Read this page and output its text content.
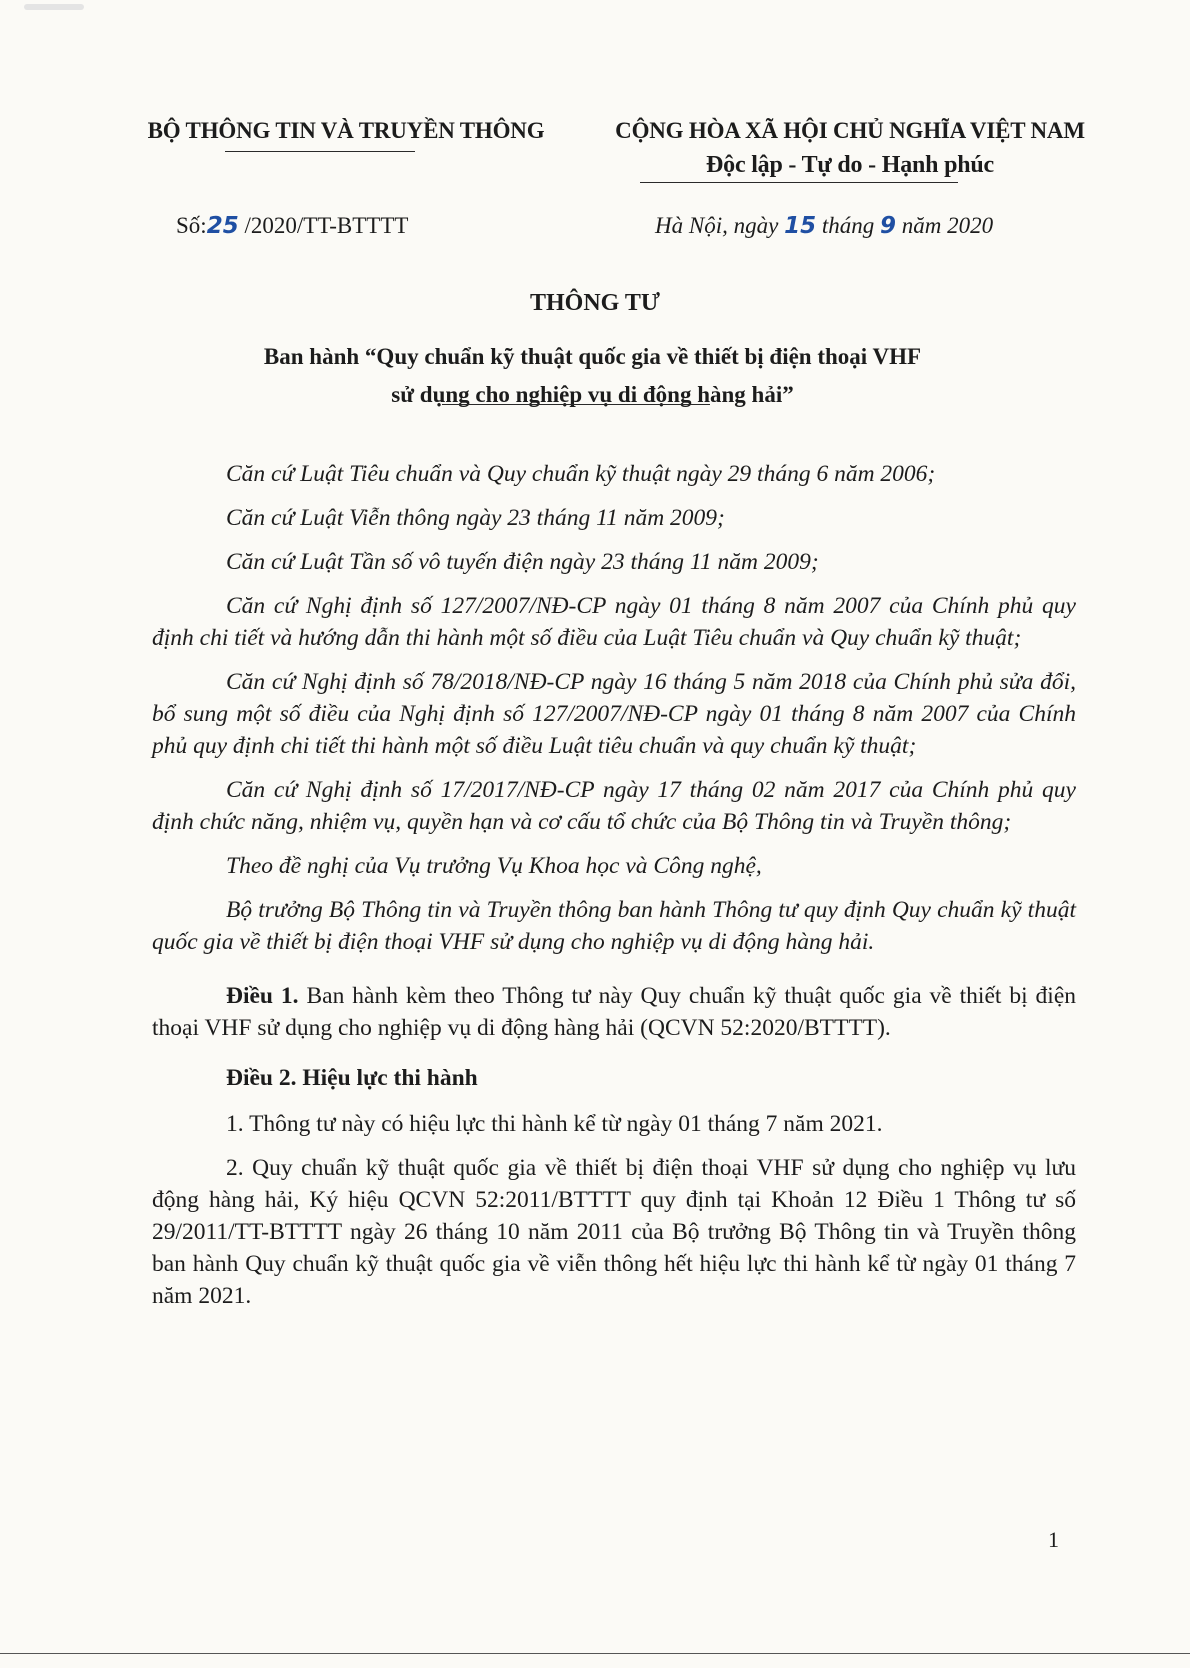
BỘ THÔNG TIN VÀ TRUYỀN THÔNG	CỘNG HÒA XÃ HỘI CHỦ NGHĨA VIỆT NAM
Độc lập - Tự do - Hạnh phúc
Số:25 /2020/TT-BTTTT	Hà Nội, ngày 15 tháng 9 năm 2020
THÔNG TƯ
Ban hành “Quy chuẩn kỹ thuật quốc gia về thiết bị điện thoại VHF
sử dụng cho nghiệp vụ di động hàng hải”

Căn cứ Luật Tiêu chuẩn và Quy chuẩn kỹ thuật ngày 29 tháng 6 năm 2006;

Căn cứ Luật Viễn thông ngày 23 tháng 11 năm 2009;

Căn cứ Luật Tần số vô tuyến điện ngày 23 tháng 11 năm 2009;

Căn cứ Nghị định số 127/2007/NĐ-CP ngày 01 tháng 8 năm 2007 của Chính phủ quy định chi tiết và hướng dẫn thi hành một số điều của Luật Tiêu chuẩn và Quy chuẩn kỹ thuật;

Căn cứ Nghị định số 78/2018/NĐ-CP ngày 16 tháng 5 năm 2018 của Chính phủ sửa đổi, bổ sung một số điều của Nghị định số 127/2007/NĐ-CP ngày 01 tháng 8 năm 2007 của Chính phủ quy định chi tiết thi hành một số điều Luật tiêu chuẩn và quy chuẩn kỹ thuật;

Căn cứ Nghị định số 17/2017/NĐ-CP ngày 17 tháng 02 năm 2017 của Chính phủ quy định chức năng, nhiệm vụ, quyền hạn và cơ cấu tổ chức của Bộ Thông tin và Truyền thông;

Theo đề nghị của Vụ trưởng Vụ Khoa học và Công nghệ,

Bộ trưởng Bộ Thông tin và Truyền thông ban hành Thông tư quy định Quy chuẩn kỹ thuật quốc gia về thiết bị điện thoại VHF sử dụng cho nghiệp vụ di động hàng hải.

Điều 1. Ban hành kèm theo Thông tư này Quy chuẩn kỹ thuật quốc gia về thiết bị điện thoại VHF sử dụng cho nghiệp vụ di động hàng hải (QCVN 52:2020/BTTTT).

Điều 2. Hiệu lực thi hành

1. Thông tư này có hiệu lực thi hành kể từ ngày 01 tháng 7 năm 2021.

2. Quy chuẩn kỹ thuật quốc gia về thiết bị điện thoại VHF sử dụng cho nghiệp vụ lưu động hàng hải, Ký hiệu QCVN 52:2011/BTTTT quy định tại Khoản 12 Điều 1 Thông tư số 29/2011/TT-BTTTT ngày 26 tháng 10 năm 2011 của Bộ trưởng Bộ Thông tin và Truyền thông ban hành Quy chuẩn kỹ thuật quốc gia về viễn thông hết hiệu lực thi hành kể từ ngày 01 tháng 7 năm 2021.

1
